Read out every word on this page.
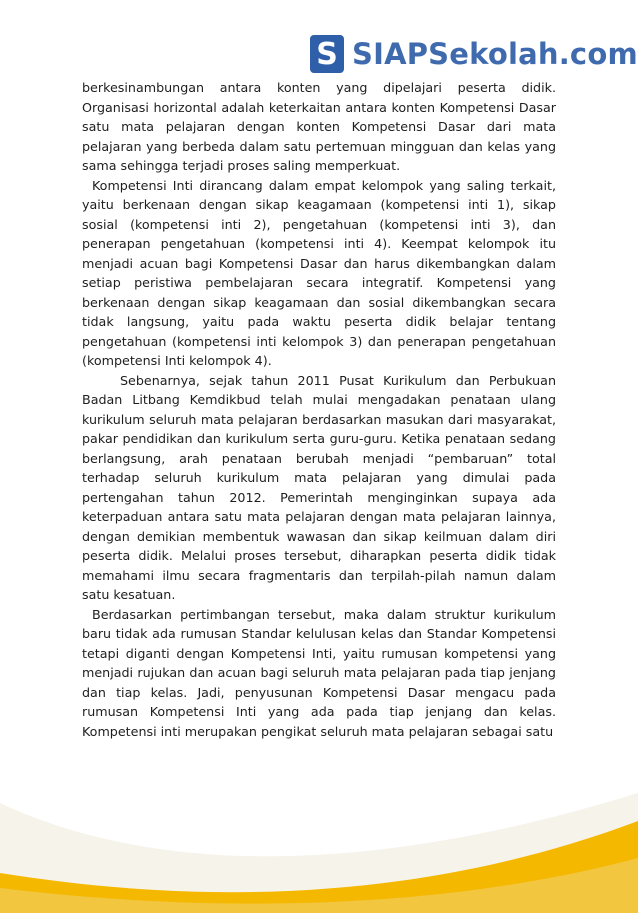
S SIAPSekolah.com

berkesinambungan antara konten yang dipelajari peserta didik. Organisasi horizontal adalah keterkaitan antara konten Kompetensi Dasar satu mata pelajaran dengan konten Kompetensi Dasar dari mata pelajaran yang berbeda dalam satu pertemuan mingguan dan kelas yang sama sehingga terjadi proses saling memperkuat.

Kompetensi Inti dirancang dalam empat kelompok yang saling terkait, yaitu berkenaan dengan sikap keagamaan (kompetensi inti 1), sikap sosial (kompetensi inti 2), pengetahuan (kompetensi inti 3), dan penerapan pengetahuan (kompetensi inti 4). Keempat kelompok itu menjadi acuan bagi Kompetensi Dasar dan harus dikembangkan dalam setiap peristiwa pembelajaran secara integratif. Kompetensi yang berkenaan dengan sikap keagamaan dan sosial dikembangkan secara tidak langsung, yaitu pada waktu peserta didik belajar tentang pengetahuan (kompetensi inti kelompok 3) dan penerapan pengetahuan (kompetensi Inti kelompok 4).

Sebenarnya, sejak tahun 2011 Pusat Kurikulum dan Perbukuan Badan Litbang Kemdikbud telah mulai mengadakan penataan ulang kurikulum seluruh mata pelajaran berdasarkan masukan dari masyarakat, pakar pendidikan dan kurikulum serta guru-guru. Ketika penataan sedang berlangsung, arah penataan berubah menjadi “pembaruan” total terhadap seluruh kurikulum mata pelajaran yang dimulai pada pertengahan tahun 2012. Pemerintah menginginkan supaya ada keterpaduan antara satu mata pelajaran dengan mata pelajaran lainnya, dengan demikian membentuk wawasan dan sikap keilmuan dalam diri peserta didik. Melalui proses tersebut, diharapkan peserta didik tidak memahami ilmu secara fragmentaris dan terpilah-pilah namun dalam satu kesatuan.

Berdasarkan pertimbangan tersebut, maka dalam struktur kurikulum baru tidak ada rumusan Standar kelulusan kelas dan Standar Kompetensi tetapi diganti dengan Kompetensi Inti, yaitu rumusan kompetensi yang menjadi rujukan dan acuan bagi seluruh mata pelajaran pada tiap jenjang dan tiap kelas. Jadi, penyusunan Kompetensi Dasar mengacu pada rumusan Kompetensi Inti yang ada pada tiap jenjang dan kelas. Kompetensi inti merupakan pengikat seluruh mata pelajaran sebagai satu
